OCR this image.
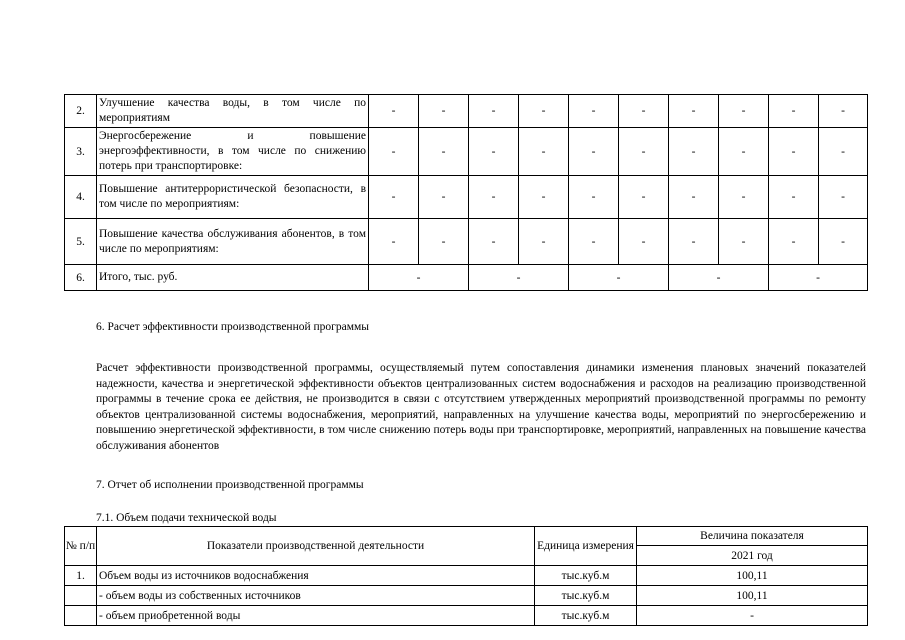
2.	Улучшение качества воды, в том числе по мероприятиям	-	-	-	-	-	-	-	-	-	-
3.	Энергосбережение и повышение энергоэффективности, в том числе по снижению потерь при транспортировке:	-	-	-	-	-	-	-	-	-	-
4.	Повышение антитеррористической безопасности, в том числе по мероприятиям:	-	-	-	-	-	-	-	-	-	-
5.	Повышение качества обслуживания абонентов, в том числе по мероприятиям:	-	-	-	-	-	-	-	-	-	-
6.	Итого, тыс. руб.	-		-		-		-		-	
6. Расчет эффективности производственной программы
Расчет эффективности производственной программы, осуществляемый путем сопоставления динамики изменения плановых значений показателей надежности, качества и энергетической эффективности объектов централизованных систем водоснабжения и расходов на реализацию производственной программы в течение срока ее действия, не производится в связи с отсутствием утвержденных мероприятий производственной программы по ремонту объектов централизованной системы водоснабжения, мероприятий, направленных на улучшение качества воды, мероприятий по энергосбережению и повышению энергетической эффективности, в том числе снижению потерь воды при транспортировке, мероприятий, направленных на повышение качества обслуживания абонентов
7. Отчет об исполнении производственной программы
7.1. Объем подачи технической воды
№ п/п	Показатели производственной деятельности	Единица измерения	Величина показателя
			2021 год
1.	Объем воды из источников водоснабжения	тыс.куб.м	100,11
	- объем воды из собственных источников	тыс.куб.м	100,11
	- объем приобретенной воды	тыс.куб.м	-
